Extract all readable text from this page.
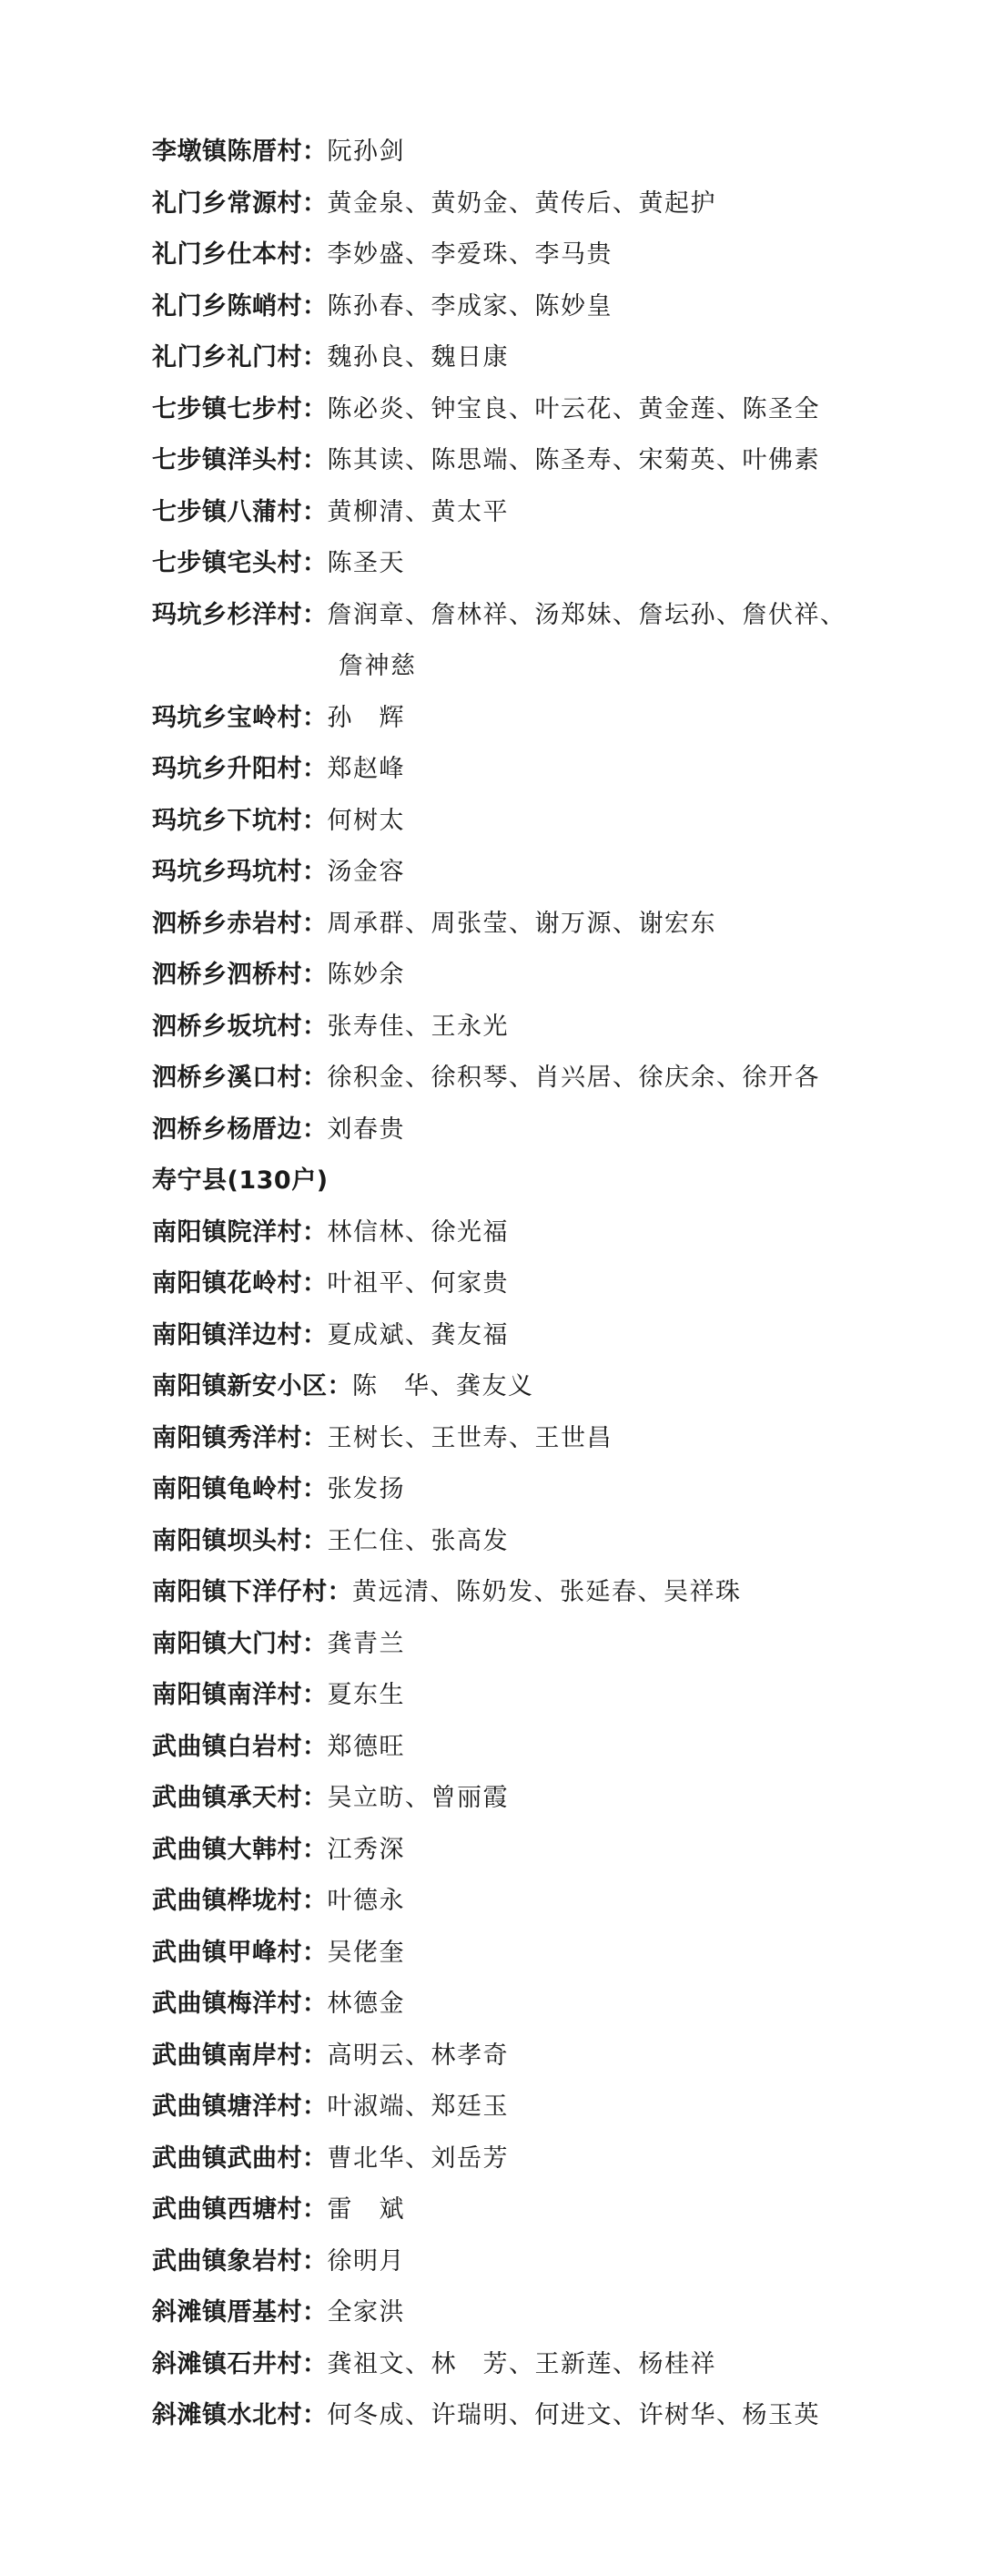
李墩镇陈厝村： 阮孙剑
礼门乡常源村： 黄金泉、黄奶金、黄传后、黄起护
礼门乡仕本村： 李妙盛、李爱珠、李马贵
礼门乡陈峭村： 陈孙春、李成家、陈妙皇
礼门乡礼门村： 魏孙良、魏日康
七步镇七步村： 陈必炎、钟宝良、叶云花、黄金莲、陈圣全
七步镇洋头村： 陈其读、陈思端、陈圣寿、宋菊英、叶佛素
七步镇八蒲村： 黄柳清、黄太平
七步镇宅头村： 陈圣天
玛坑乡杉洋村： 詹润章、詹林祥、汤郑妹、詹坛孙、詹伏祥、
詹神慈
玛坑乡宝岭村： 孙　辉
玛坑乡升阳村： 郑赵峰
玛坑乡下坑村： 何树太
玛坑乡玛坑村： 汤金容
泗桥乡赤岩村： 周承群、周张莹、谢万源、谢宏东
泗桥乡泗桥村： 陈妙余
泗桥乡坂坑村： 张寿佳、王永光
泗桥乡溪口村： 徐积金、徐积琴、肖兴居、徐庆余、徐开各
泗桥乡杨厝边： 刘春贵
寿宁县(130户)
南阳镇院洋村： 林信林、徐光福
南阳镇花岭村： 叶祖平、何家贵
南阳镇洋边村： 夏成斌、龚友福
南阳镇新安小区： 陈　华、龚友义
南阳镇秀洋村： 王树长、王世寿、王世昌
南阳镇龟岭村： 张发扬
南阳镇坝头村： 王仁住、张高发
南阳镇下洋仔村： 黄远清、陈奶发、张延春、吴祥珠
南阳镇大门村： 龚青兰
南阳镇南洋村： 夏东生
武曲镇白岩村： 郑德旺
武曲镇承天村： 吴立昉、曾丽霞
武曲镇大韩村： 江秀深
武曲镇桦垅村： 叶德永
武曲镇甲峰村： 吴佬奎
武曲镇梅洋村： 林德金
武曲镇南岸村： 高明云、林孝奇
武曲镇塘洋村： 叶淑端、郑廷玉
武曲镇武曲村： 曹北华、刘岳芳
武曲镇西塘村： 雷　斌
武曲镇象岩村： 徐明月
斜滩镇厝基村： 全家洪
斜滩镇石井村： 龚祖文、林　芳、王新莲、杨桂祥
斜滩镇水北村： 何冬成、许瑞明、何进文、许树华、杨玉英
